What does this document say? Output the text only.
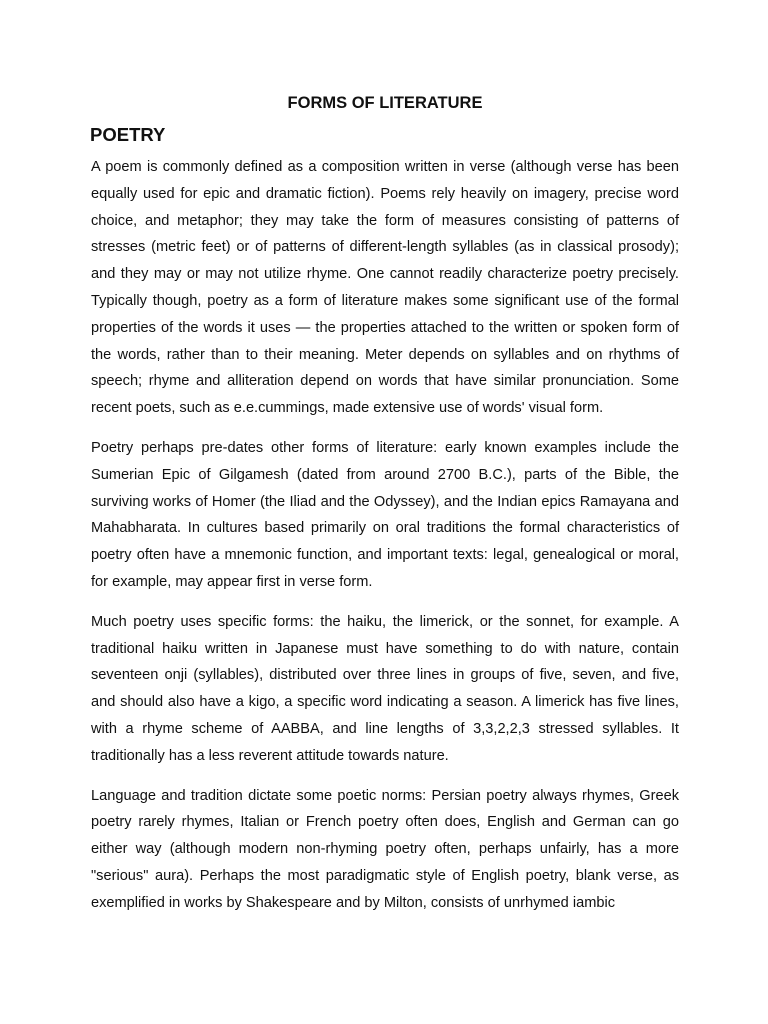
FORMS OF LITERATURE
POETRY

A poem is commonly defined as a composition written in verse (although verse has been equally used for epic and dramatic fiction). Poems rely heavily on imagery, precise word choice, and metaphor; they may take the form of measures consisting of patterns of stresses (metric feet) or of patterns of different-length syllables (as in classical prosody); and they may or may not utilize rhyme. One cannot readily characterize poetry precisely. Typically though, poetry as a form of literature makes some significant use of the formal properties of the words it uses — the properties attached to the written or spoken form of the words, rather than to their meaning. Meter depends on syllables and on rhythms of speech; rhyme and alliteration depend on words that have similar pronunciation. Some recent poets, such as e.e.cummings, made extensive use of words' visual form.

Poetry perhaps pre-dates other forms of literature: early known examples include the Sumerian Epic of Gilgamesh (dated from around 2700 B.C.), parts of the Bible, the surviving works of Homer (the Iliad and the Odyssey), and the Indian epics Ramayana and Mahabharata. In cultures based primarily on oral traditions the formal characteristics of poetry often have a mnemonic function, and important texts: legal, genealogical or moral, for example, may appear first in verse form.

Much poetry uses specific forms: the haiku, the limerick, or the sonnet, for example. A traditional haiku written in Japanese must have something to do with nature, contain seventeen onji (syllables), distributed over three lines in groups of five, seven, and five, and should also have a kigo, a specific word indicating a season. A limerick has five lines, with a rhyme scheme of AABBA, and line lengths of 3,3,2,2,3 stressed syllables. It traditionally has a less reverent attitude towards nature.

Language and tradition dictate some poetic norms: Persian poetry always rhymes, Greek poetry rarely rhymes, Italian or French poetry often does, English and German can go either way (although modern non-rhyming poetry often, perhaps unfairly, has a more "serious" aura). Perhaps the most paradigmatic style of English poetry, blank verse, as exemplified in works by Shakespeare and by Milton, consists of unrhymed iambic
